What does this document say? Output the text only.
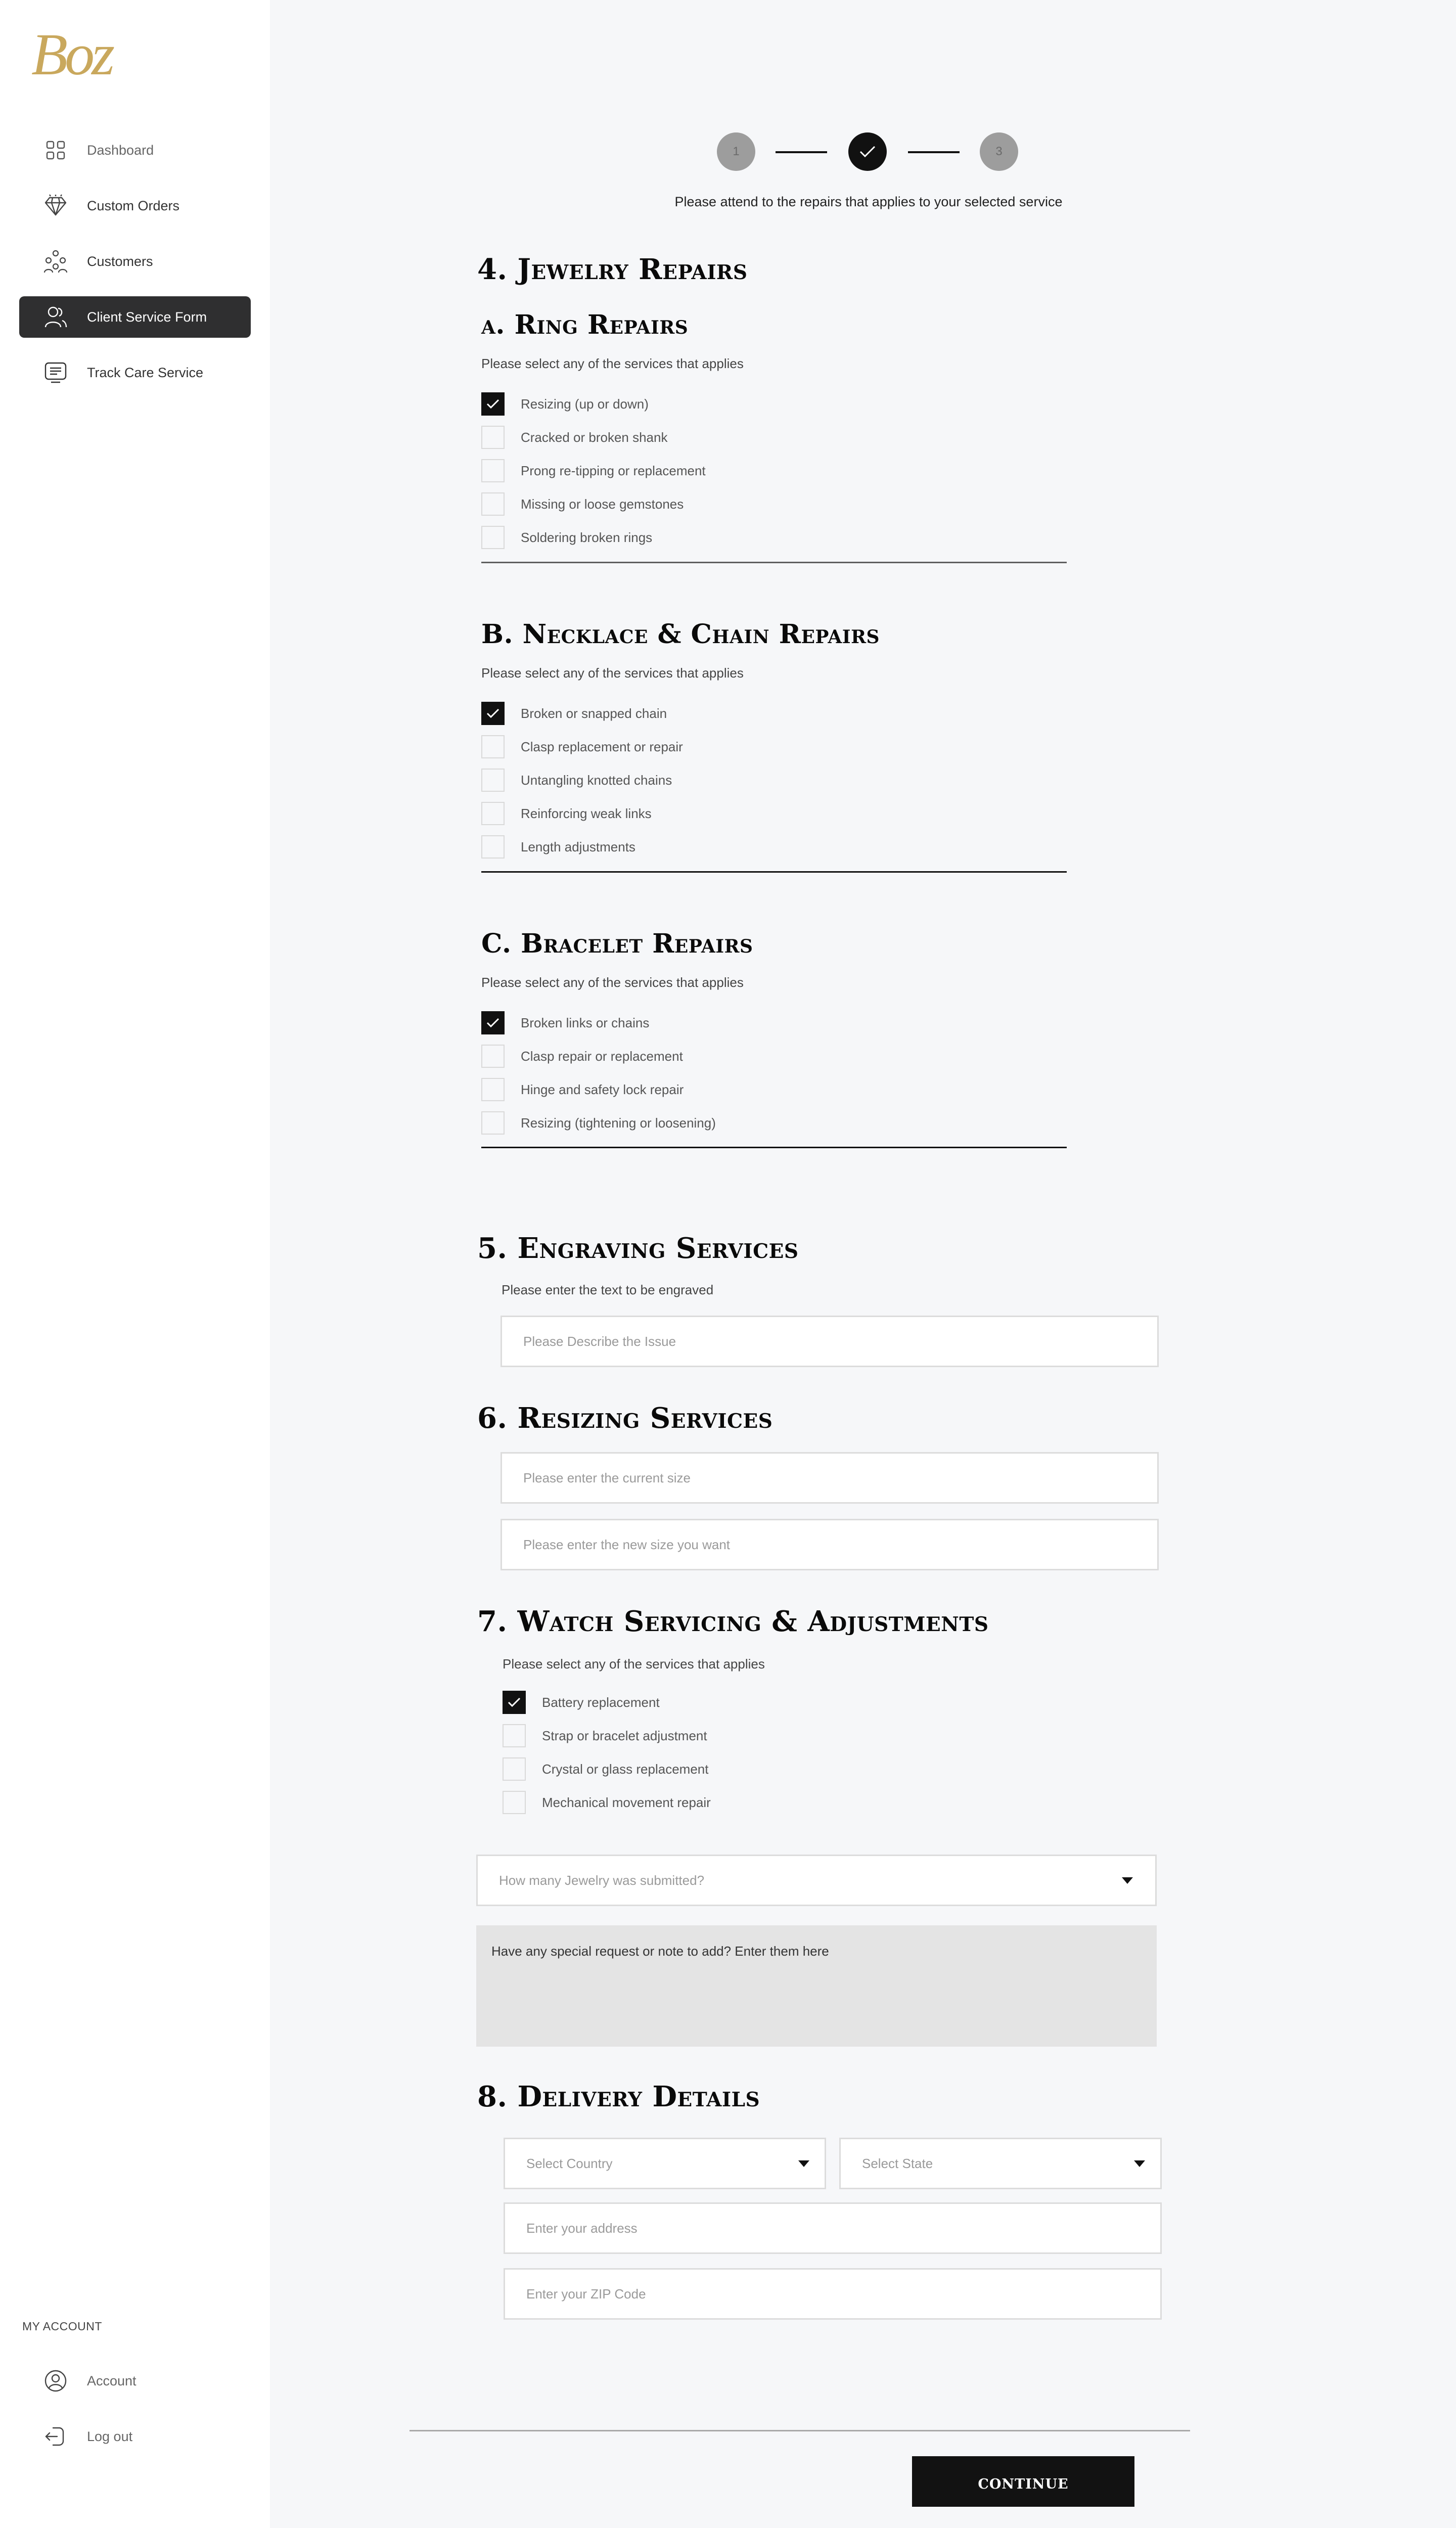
Boz
Dashboard
Custom Orders
Customers
Client Service Form
Track Care Service
MY ACCOUNT
Account
Log out
1	3
Please attend to the repairs that applies to your selected service
4. Jewelry Repairs
a. Ring Repairs
Please select any of the services that applies
Resizing (up or down)
Cracked or broken shank
Prong re-tipping or replacement
Missing or loose gemstones
Soldering broken rings
B. Necklace & Chain Repairs
Please select any of the services that applies
Broken or snapped chain
Clasp replacement or repair
Untangling knotted chains
Reinforcing weak links
Length adjustments
C. Bracelet Repairs
Please select any of the services that applies
Broken links or chains
Clasp repair or replacement
Hinge and safety lock repair
Resizing (tightening or loosening)
5. Engraving Services
Please enter the text to be engraved
Please Describe the Issue
6. Resizing Services
Please enter the current size
Please enter the new size you want
7. Watch Servicing & Adjustments
Please select any of the services that applies
Battery replacement
Strap or bracelet adjustment
Crystal or glass replacement
Mechanical movement repair
How many Jewelry was submitted?
Have any special request or note to add? Enter them here
8. Delivery Details
Select Country	Select State
Enter your address
Enter your ZIP Code
continue
